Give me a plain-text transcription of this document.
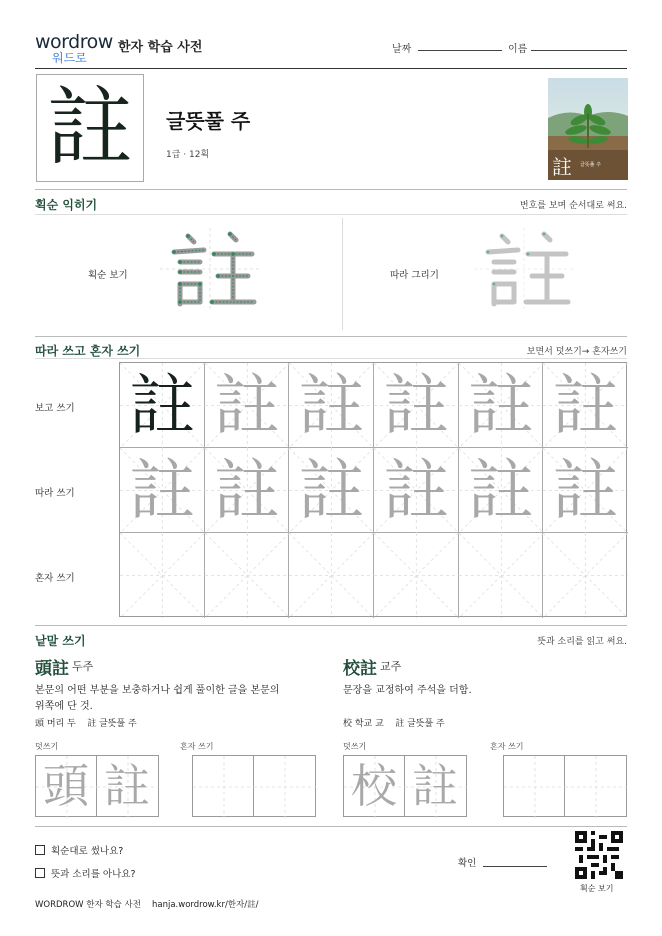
wordrow
워드로
한자 학습 사전	날짜	이름
註	글뜻풀 주
1급 · 12획	註 글뜻풀 주
획순 익히기	번호를 보며 순서대로 써요.
획순 보기	따라 그리기
따라 쓰고 혼자 쓰기	보면서 덧쓰기→ 혼자쓰기
보고 쓰기
따라 쓰기
혼자 쓰기
註 註 註 註 註 註
註 註 註 註 註 註
낱말 쓰기	뜻과 소리를 읽고 써요.
頭註 두주
본문의 어떤 부분을 보충하거나 쉽게 풀이한 글을 본문의
위쪽에 단 것.
頭 머리 두    註 글뜻풀 주
덧쓰기	혼자 쓰기
頭 註
校註 교주
문장을 교정하여 주석을 더함.
校 학교 교    註 글뜻풀 주
덧쓰기	혼자 쓰기
校 註
획순대로 썼나요?
뜻과 소리를 아나요?
확인
획순 보기
WORDROW 한자 학습 사전 hanja.wordrow.kr/한자/註/
